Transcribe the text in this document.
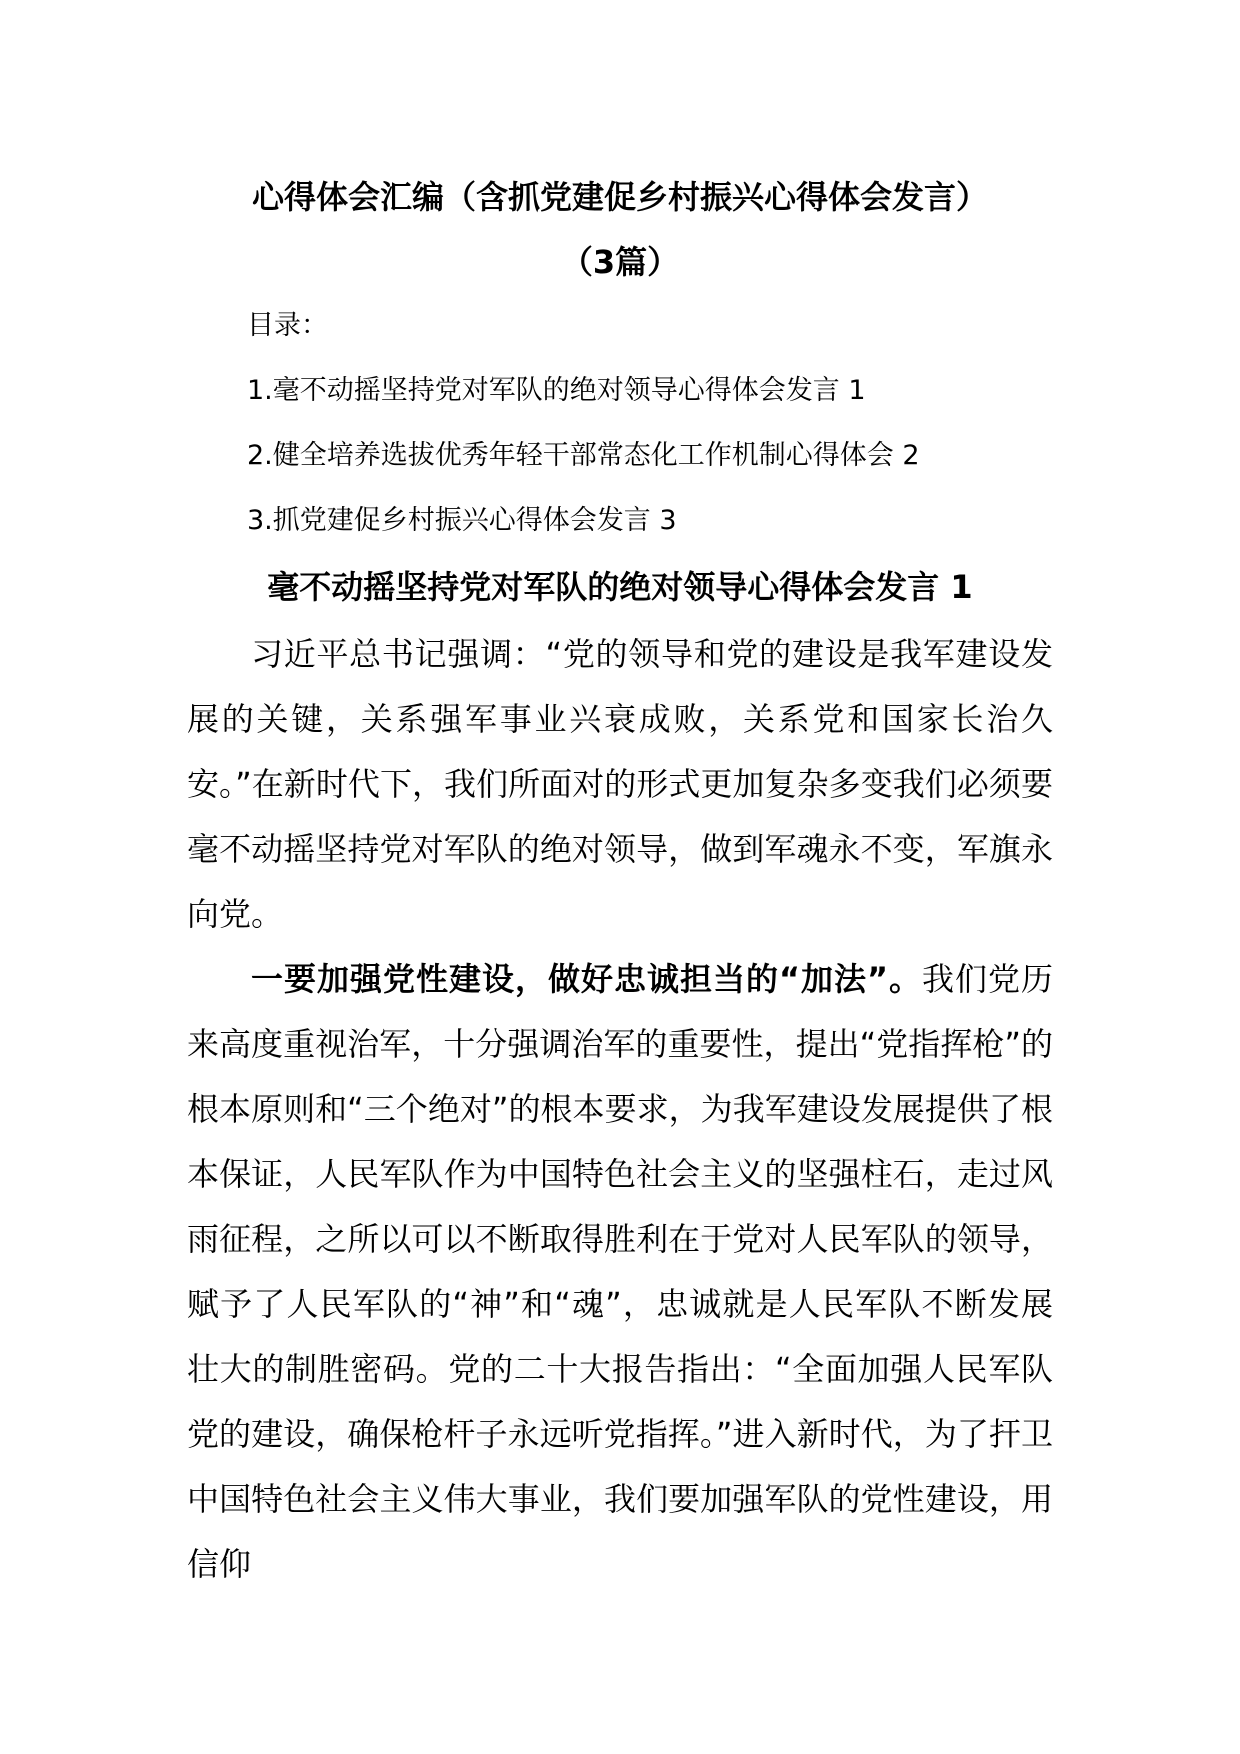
心得体会汇编（含抓党建促乡村振兴心得体会发言）
（3篇）

目录：

1.毫不动摇坚持党对军队的绝对领导心得体会发言 1

2.健全培养选拔优秀年轻干部常态化工作机制心得体会 2

3.抓党建促乡村振兴心得体会发言 3

毫不动摇坚持党对军队的绝对领导心得体会发言 1

习近平总书记强调：“党的领导和党的建设是我军建设发展的关键，关系强军事业兴衰成败，关系党和国家长治久安。”在新时代下，我们所面对的形式更加复杂多变我们必须要毫不动摇坚持党对军队的绝对领导，做到军魂永不变，军旗永向党。

一要加强党性建设，做好忠诚担当的“加法”。我们党历来高度重视治军，十分强调治军的重要性，提出“党指挥枪”的根本原则和“三个绝对”的根本要求，为我军建设发展提供了根本保证，人民军队作为中国特色社会主义的坚强柱石，走过风雨征程，之所以可以不断取得胜利在于党对人民军队的领导，赋予了人民军队的“神”和“魂”，忠诚就是人民军队不断发展壮大的制胜密码。党的二十大报告指出：“全面加强人民军队党的建设，确保枪杆子永远听党指挥。”进入新时代，为了扞卫中国特色社会主义伟大事业，我们要加强军队的党性建设，用信仰
